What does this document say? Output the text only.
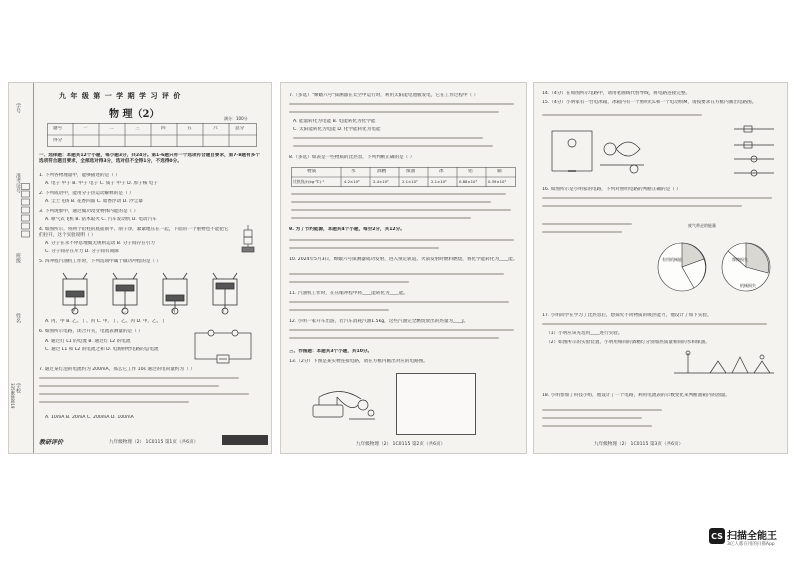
学号
准考证号
班级
姓名
学校
3359808019
九 年 级 第 一 学 期 学 习 评 价
物 理（2）
题号	一	二	三	四	五	六	总分
得分
满分：100分
一、选择题：本题共12个小题，每小题3分，共24分。第1-6题只有一个选项符合题目要求，第7-8题有多个选项符合题目要求，全部选对得3分，选对但不全得1分，不选得0分。
1. 下列各物理量中，能够描述的是（ ）
A. 电子 中子 B. 中子 电子 C. 质子 中子 D. 原子核 电子
2. 下列成语中，能用分子热运动解释的是（ ）
A. 尘土飞扬 B. 花香四溢 C. 暗香浮动 D. 沙尘暴
3. 下列现象中，通过做功改变物体内能的是（ ）
A. 喷气式飞机 B. 钻木取火 C. 汽车发动机 D. 电动汽车
4. 如图所示，将两个铅柱的底面削平、削干净，紧紧地压在一起，下面吊一个重物也不能把它们拉开，这个实验说明（ ）
A. 分子在永不停息地做无规则运动 B. 分子间存在引力
C. 分子间存在斥力 D. 分子间有间隙
5. 四冲程汽油机工作时，下列选项中属于做功冲程的是（ ）
甲	乙	丙	丁
A. 丙、甲 B. 乙、丁、丙 C. 甲、丁、乙、丙 D. 甲、乙、丁
6. 如图所示电路，闭合开关，电流表测量的是（ ）
A. 通过灯 L1 的电流 B. 通过灯 L2 的电流
C. 通过 L1 和 L2 的电流之和 D. 电源供给电路的总电流
7. 通过某灯泡的电流约为 200mA，那么它工作 10s 通过的电荷量约为（ ）
A. 10mA B. 20mA C. 200mA D. 100mA
教研评价	九年级物理（2） 1C0115 第1页（共6页）
7.（多选）"嫦娥六号"探测器在太空中运行时，利用太阳能电池板发电，它在工作过程中（ ）
A. 能量转化为电能 B. 电能转化为化学能
C. 太阳能转化为电能 D. 化学能转化为电能
8.（多选）如表是一些物质的比热容，下列判断正确的是（ ）
物质	水	酒精	煤油	冰	铝	铜
比热容/J·(kg·℃)⁻¹	4.2×10³	2.4×10³	2.1×10³	2.1×10³	0.88×10³	0.39×10³
9. 为了节约能源，本题共4个小题，每空2分，共12分。
10. 2024年5月3日，嫦娥六号探测器成功发射，进入预定轨道。火箭发射时燃料燃烧，将化学能转化为____能。
11. 汽油机工作时，在压缩冲程中将____能转化为____能。
12. 小明一家开车出游，若汽车消耗汽油1.5kg，这些汽油完全燃烧放出的热量为____J。
三、作图题：本题共3个小题，共10分。
13.（2分）下图是某实物连接电路，请在方框内画出对应的电路图。
九年级物理（2） 1C0115 第2页（共6页）
14.（4分）在如图所示电路中，请用笔画线代替导线，将电路连接完整。
15.（4分）小明家有一台电冰箱，冰箱内有一个照明灯L和一个电动机M，请按要求在方框内画出电路图。
16. 如图所示是小明家的电路，下列对照明电路的判断正确的是（ ）
废气带走的能量
有用机械能	摩擦损失
机械损失
17. 小明同学在学习了比热容后，想探究不同物质的吸热能力，他设计了如下实验。
（1）小明应该先选用____进行实验。
（2）如图所示的实验装置，小明用相同的酒精灯分别加热质量相同的水和煤油。
18. 小明参加了科技小组，他设计了一个电路，利用电流表的示数变化来判断油箱内的油量。
九年级物理（2） 1C0115 第3页（共6页）
CS 扫描全能王
3亿人都在用的扫描App
